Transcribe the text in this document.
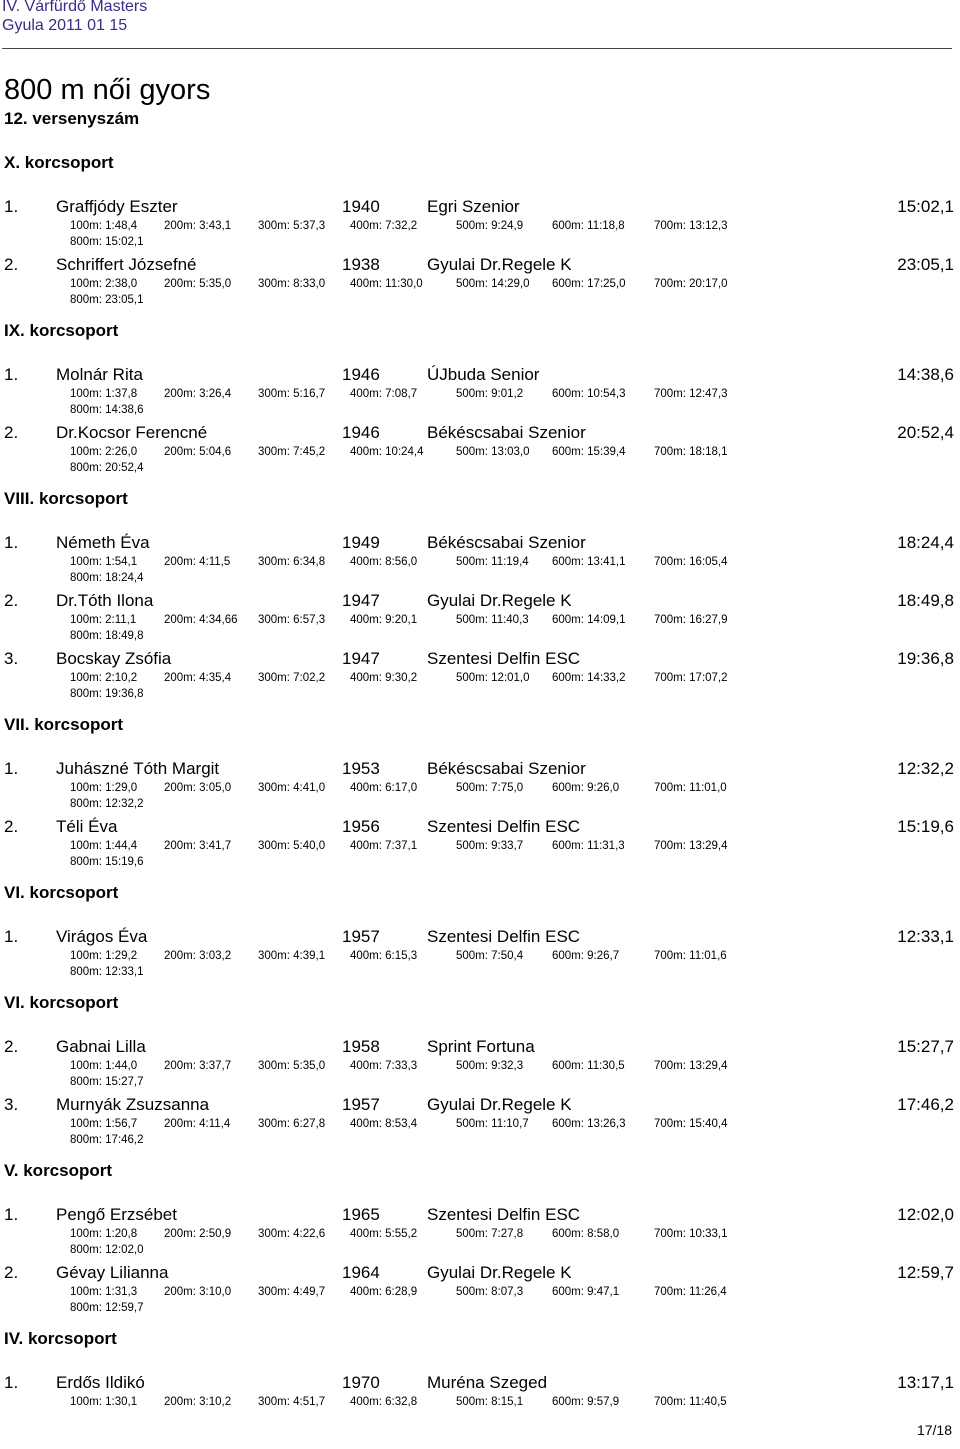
IV. Várfürdő Masters
Gyula 2011 01 15
800 m női gyors
12. versenyszám
X. korcsoport
1. Graffjódy Eszter	1940	Egri Szenior	15:02,1
100m: 1:48,4 200m: 3:43,1 300m: 5:37,3 400m: 7:32,2	500m: 9:24,9	600m: 11:18,8	700m: 13:12,3
800m: 15:02,1
2. Schriffert Józsefné	1938	Gyulai Dr.Regele K	23:05,1
100m: 2:38,0 200m: 5:35,0 300m: 8:33,0 400m: 11:30,0	500m: 14:29,0 600m: 17:25,0 700m: 20:17,0
800m: 23:05,1
IX. korcsoport
1. Molnár Rita	1946	ÚJbuda Senior	14:38,6
100m: 1:37,8 200m: 3:26,4 300m: 5:16,7 400m: 7:08,7	500m: 9:01,2	600m: 10:54,3 700m: 12:47,3
800m: 14:38,6
2. Dr.Kocsor Ferencné	1946	Békéscsabai Szenior	20:52,4
100m: 2:26,0 200m: 5:04,6 300m: 7:45,2 400m: 10:24,4	500m: 13:03,0 600m: 15:39,4 700m: 18:18,1
800m: 20:52,4
VIII. korcsoport
1. Németh Éva	1949	Békéscsabai Szenior	18:24,4
100m: 1:54,1 200m: 4:11,5 300m: 6:34,8 400m: 8:56,0	500m: 11:19,4 600m: 13:41,1 700m: 16:05,4
800m: 18:24,4
2. Dr.Tóth Ilona	1947	Gyulai Dr.Regele K	18:49,8
100m: 2:11,1 200m: 4:34,66 300m: 6:57,3 400m: 9:20,1	500m: 11:40,3 600m: 14:09,1 700m: 16:27,9
800m: 18:49,8
3. Bocskay Zsófia	1947	Szentesi Delfin ESC	19:36,8
100m: 2:10,2 200m: 4:35,4 300m: 7:02,2 400m: 9:30,2	500m: 12:01,0 600m: 14:33,2 700m: 17:07,2
800m: 19:36,8
VII. korcsoport
1. Juhászné Tóth Margit	1953	Békéscsabai Szenior	12:32,2
100m: 1:29,0 200m: 3:05,0 300m: 4:41,0 400m: 6:17,0	500m: 7:75,0	600m: 9:26,0	700m: 11:01,0
800m: 12:32,2
2. Téli Éva	1956	Szentesi Delfin ESC	15:19,6
100m: 1:44,4 200m: 3:41,7 300m: 5:40,0 400m: 7:37,1	500m: 9:33,7	600m: 11:31,3	700m: 13:29,4
800m: 15:19,6
VI. korcsoport
1. Virágos Éva	1957	Szentesi Delfin ESC	12:33,1
100m: 1:29,2 200m: 3:03,2 300m: 4:39,1 400m: 6:15,3	500m: 7:50,4	600m: 9:26,7	700m: 11:01,6
800m: 12:33,1
VI. korcsoport
2. Gabnai Lilla	1958	Sprint Fortuna	15:27,7
100m: 1:44,0 200m: 3:37,7 300m: 5:35,0 400m: 7:33,3	500m: 9:32,3	600m: 11:30,5	700m: 13:29,4
800m: 15:27,7
3. Murnyák Zsuzsanna	1957	Gyulai Dr.Regele K	17:46,2
100m: 1:56,7 200m: 4:11,4 300m: 6:27,8 400m: 8:53,4	500m: 11:10,7 600m: 13:26,3 700m: 15:40,4
800m: 17:46,2
V. korcsoport
1. Pengő Erzsébet	1965	Szentesi Delfin ESC	12:02,0
100m: 1:20,8 200m: 2:50,9 300m: 4:22,6 400m: 5:55,2	500m: 7:27,8	600m: 8:58,0	700m: 10:33,1
800m: 12:02,0
2. Gévay Lilianna	1964	Gyulai Dr.Regele K	12:59,7
100m: 1:31,3 200m: 3:10,0 300m: 4:49,7 400m: 6:28,9	500m: 8:07,3	600m: 9:47,1	700m: 11:26,4
800m: 12:59,7
IV. korcsoport
1. Erdős Ildikó	1970	Muréna Szeged	13:17,1
100m: 1:30,1 200m: 3:10,2 300m: 4:51,7 400m: 6:32,8	500m: 8:15,1	600m: 9:57,9	700m: 11:40,5
17/18
